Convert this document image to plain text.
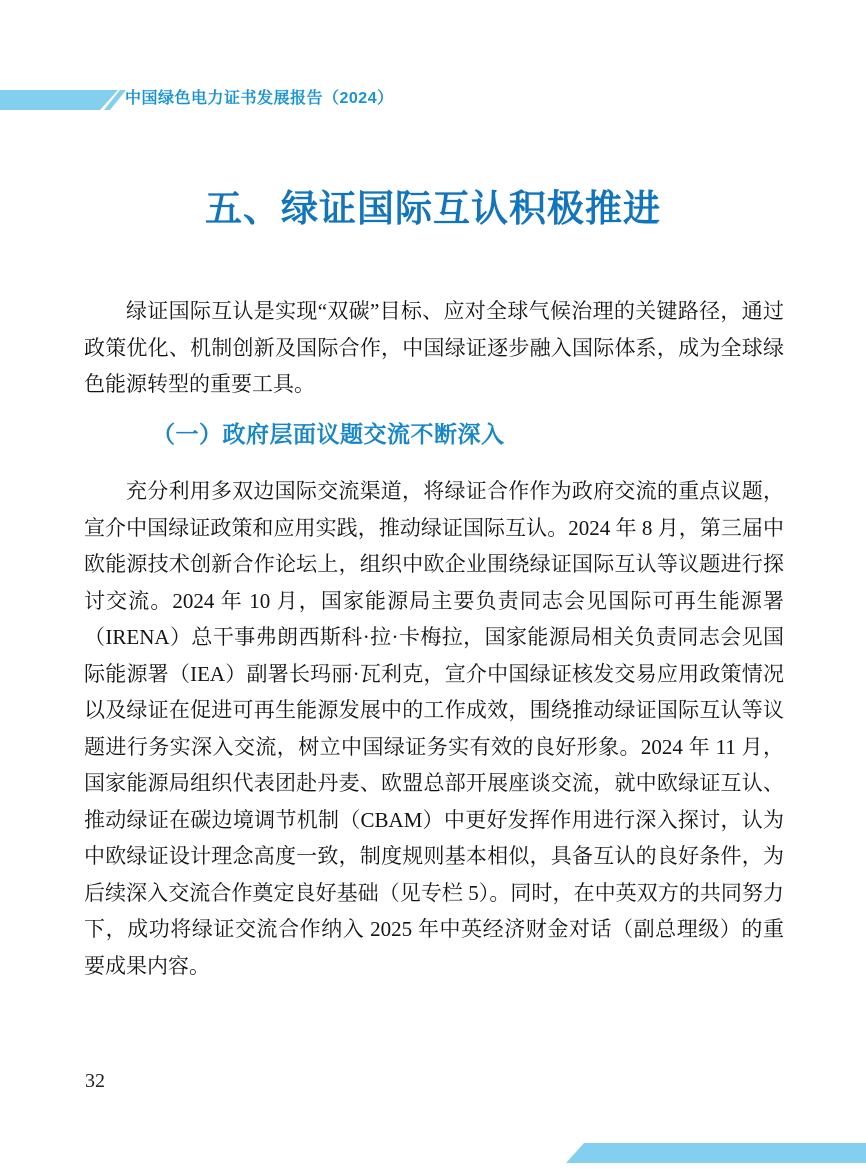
中国绿色电力证书发展报告（2024）
五、绿证国际互认积极推进

绿证国际互认是实现“双碳”目标、应对全球气候治理的关键路径，通过政策优化、机制创新及国际合作，中国绿证逐步融入国际体系，成为全球绿色能源转型的重要工具。

（一）政府层面议题交流不断深入

充分利用多双边国际交流渠道，将绿证合作作为政府交流的重点议题，宣介中国绿证政策和应用实践，推动绿证国际互认。2024 年 8 月，第三届中欧能源技术创新合作论坛上，组织中欧企业围绕绿证国际互认等议题进行探讨交流。2024 年 10 月，国家能源局主要负责同志会见国际可再生能源署（IRENA）总干事弗朗西斯科·拉·卡梅拉，国家能源局相关负责同志会见国际能源署（IEA）副署长玛丽·瓦利克，宣介中国绿证核发交易应用政策情况以及绿证在促进可再生能源发展中的工作成效，围绕推动绿证国际互认等议题进行务实深入交流，树立中国绿证务实有效的良好形象。2024 年 11 月，国家能源局组织代表团赴丹麦、欧盟总部开展座谈交流，就中欧绿证互认、推动绿证在碳边境调节机制（CBAM）中更好发挥作用进行深入探讨，认为中欧绿证设计理念高度一致，制度规则基本相似，具备互认的良好条件，为后续深入交流合作奠定良好基础（见专栏 5）。同时，在中英双方的共同努力下，成功将绿证交流合作纳入 2025 年中英经济财金对话（副总理级）的重要成果内容。

32
